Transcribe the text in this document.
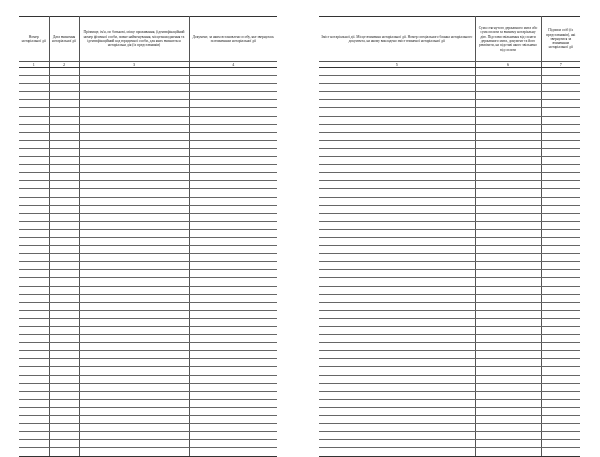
Номер нотаріальної дії	Дата вчинення нотаріальної дії	Прізвище, ім'я, по батькові, місце проживання, (ідентифікаційний номер фізичної особи, повне найменування, місцезнаходження та ідентифікаційний код юридичної особи, для яких вчиняється нотаріальна дія (їх представників)	Документ, за яким встановлено особу, яке звернулась за вчиненням нотаріальної дії
1	2	3	4

Зміст нотаріальної дії. Місце вчинення нотаріальної дії. Номер спеціального бланка нотаріального документа, на якому викладено зміст вчиненої нотаріальної дії	Сума стягнутого державного мита або сума оплати за вчинену нотаріальну дію. Підстави звільнення від сплати державного мита, документ та його реквізити, на підставі якого звільнено від сплати	Підписи осіб (їх представників), які звернулися за вчиненням нотаріальної дії
5	6	7
